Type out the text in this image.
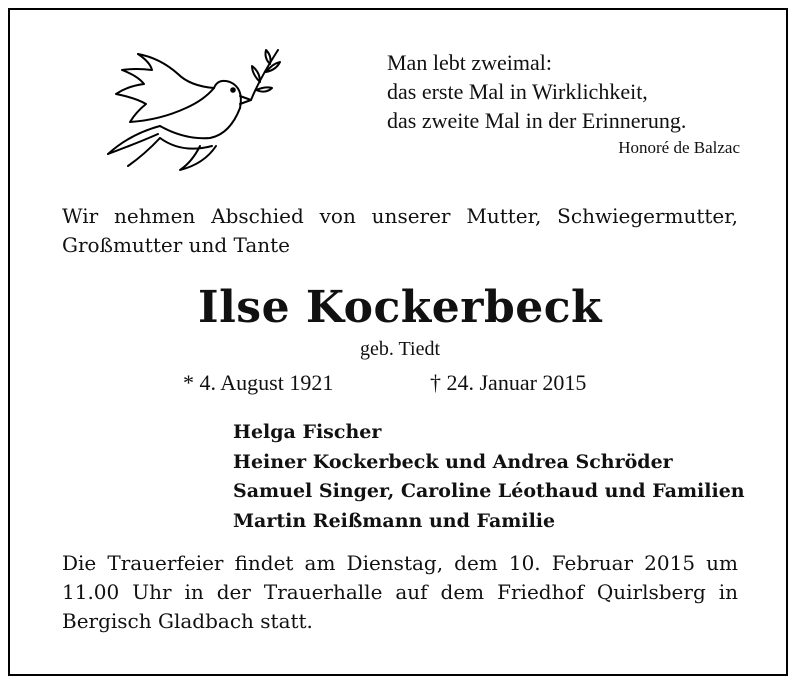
Man lebt zweimal:
das erste Mal in Wirklichkeit,
das zweite Mal in der Erinnerung.
Honoré de Balzac
Wir nehmen Abschied von unserer Mutter, Schwiegermutter, Großmutter und Tante
Ilse Kockerbeck
geb. Tiedt
* 4. August 1921	† 24. Januar 2015
Helga Fischer
Heiner Kockerbeck und Andrea Schröder
Samuel Singer, Caroline Léothaud und Familien
Martin Reißmann und Familie
Die Trauerfeier findet am Dienstag, dem 10. Februar 2015 um 11.00 Uhr in der Trauerhalle auf dem Friedhof Quirlsberg in Bergisch Gladbach statt.
